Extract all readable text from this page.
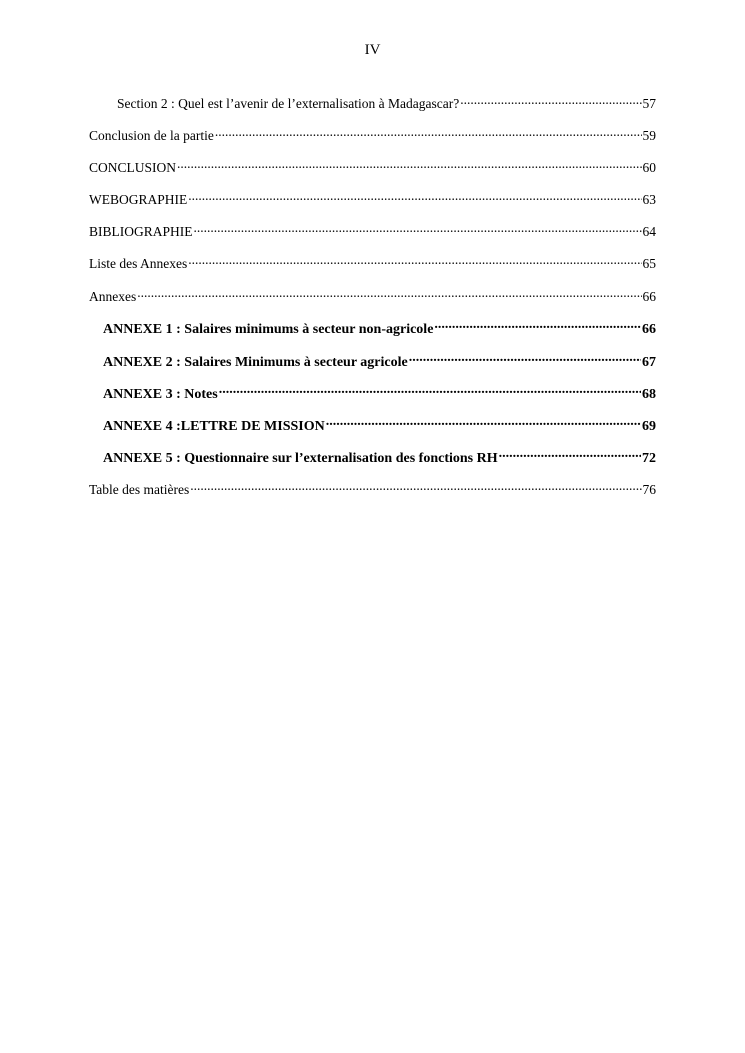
IV
Section 2 : Quel est l’avenir de l’externalisation à Madagascar? .....	57
Conclusion de la partie .....	59
CONCLUSION .....	60
WEBOGRAPHIE .....	63
BIBLIOGRAPHIE .....	64
Liste des Annexes .....	65
Annexes .....	66
ANNEXE 1 : Salaires minimums à secteur non-agricole .....	66
ANNEXE 2 : Salaires Minimums à secteur agricole .....	67
ANNEXE 3 : Notes .....	68
ANNEXE 4 :LETTRE DE MISSION .....	69
ANNEXE 5 : Questionnaire sur l’externalisation des fonctions RH .....	72
Table des matières .....	76
